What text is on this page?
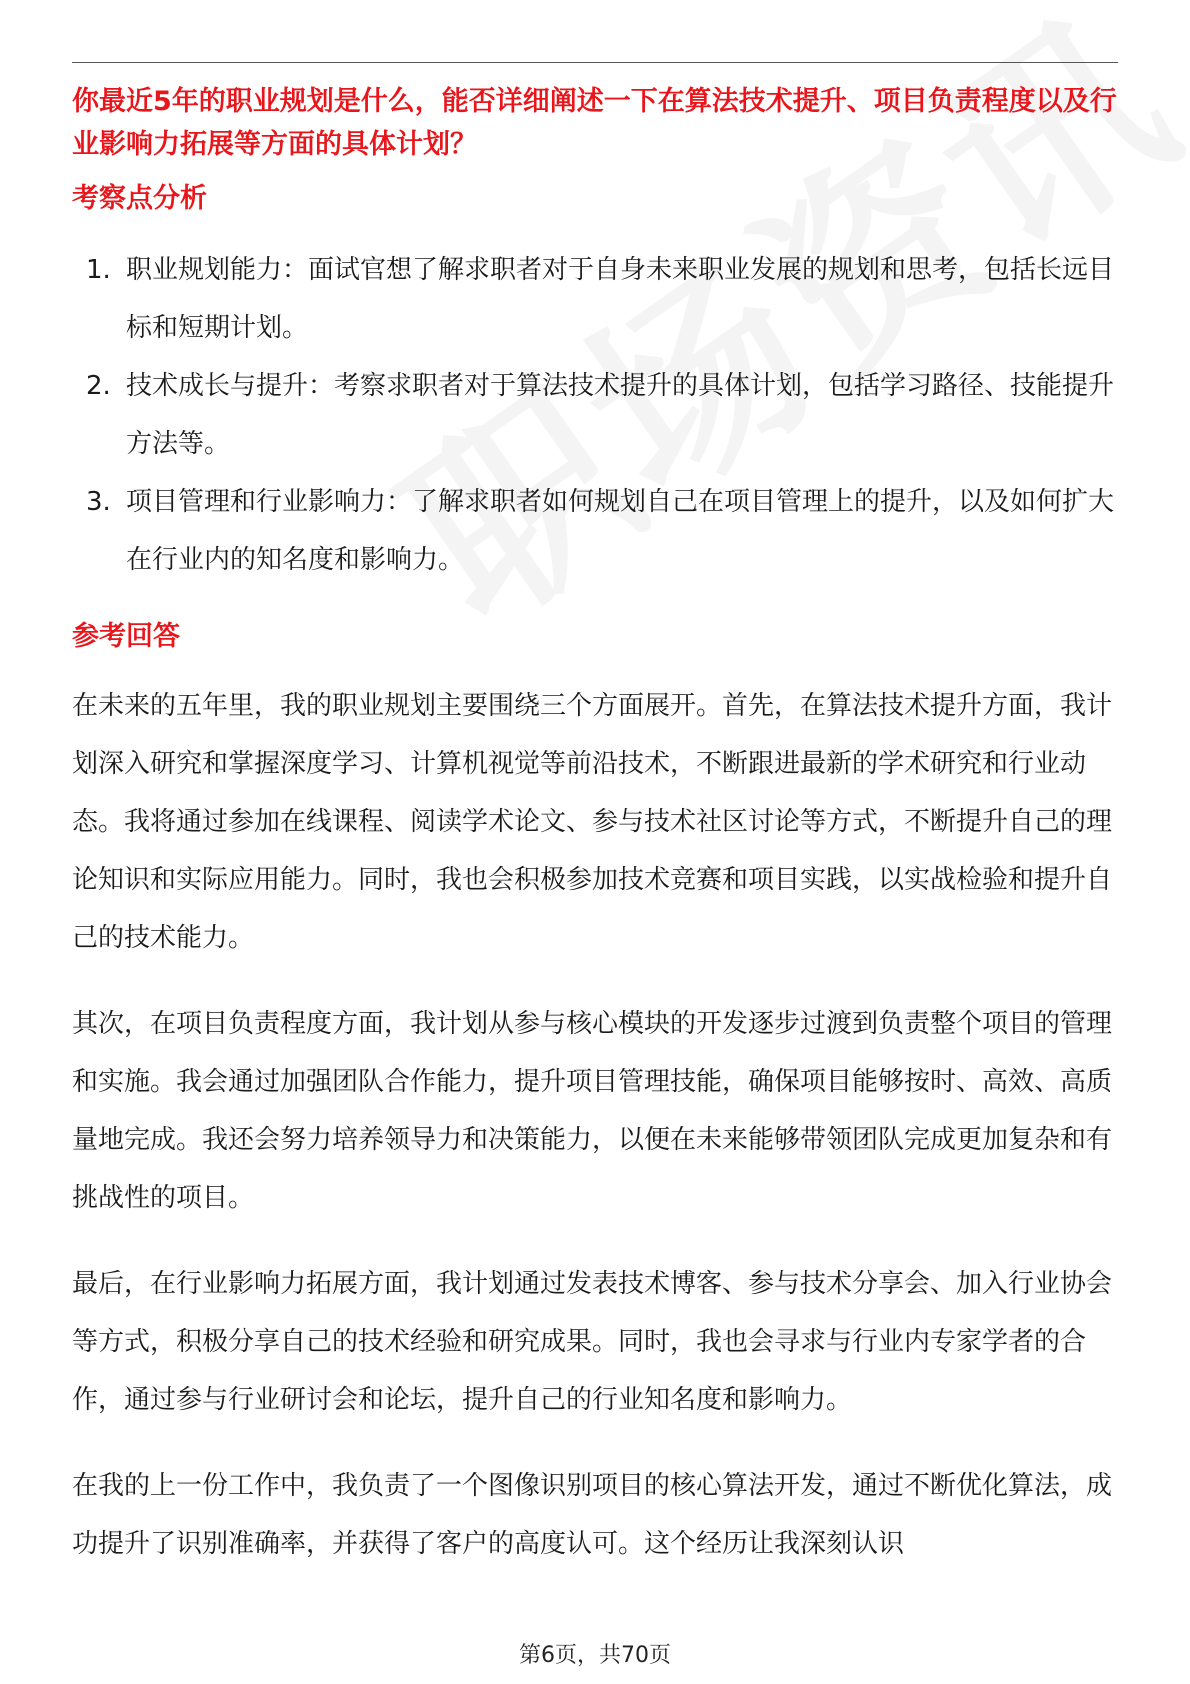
你最近5年的职业规划是什么，能否详细阐述一下在算法技术提升、项目负责程度以及行业影响力拓展等方面的具体计划？

考察点分析

1. 职业规划能力：面试官想了解求职者对于自身未来职业发展的规划和思考，包括长远目标和短期计划。
2. 技术成长与提升：考察求职者对于算法技术提升的具体计划，包括学习路径、技能提升方法等。
3. 项目管理和行业影响力：了解求职者如何规划自己在项目管理上的提升，以及如何扩大在行业内的知名度和影响力。

参考回答

在未来的五年里，我的职业规划主要围绕三个方面展开。首先，在算法技术提升方面，我计划深入研究和掌握深度学习、计算机视觉等前沿技术，不断跟进最新的学术研究和行业动态。我将通过参加在线课程、阅读学术论文、参与技术社区讨论等方式，不断提升自己的理论知识和实际应用能力。同时，我也会积极参加技术竞赛和项目实践，以实战检验和提升自己的技术能力。

其次，在项目负责程度方面，我计划从参与核心模块的开发逐步过渡到负责整个项目的管理和实施。我会通过加强团队合作能力，提升项目管理技能，确保项目能够按时、高效、高质量地完成。我还会努力培养领导力和决策能力，以便在未来能够带领团队完成更加复杂和有挑战性的项目。

最后，在行业影响力拓展方面，我计划通过发表技术博客、参与技术分享会、加入行业协会等方式，积极分享自己的技术经验和研究成果。同时，我也会寻求与行业内专家学者的合作，通过参与行业研讨会和论坛，提升自己的行业知名度和影响力。

在我的上一份工作中，我负责了一个图像识别项目的核心算法开发，通过不断优化算法，成功提升了识别准确率，并获得了客户的高度认可。这个经历让我深刻认识

第6页，共70页
